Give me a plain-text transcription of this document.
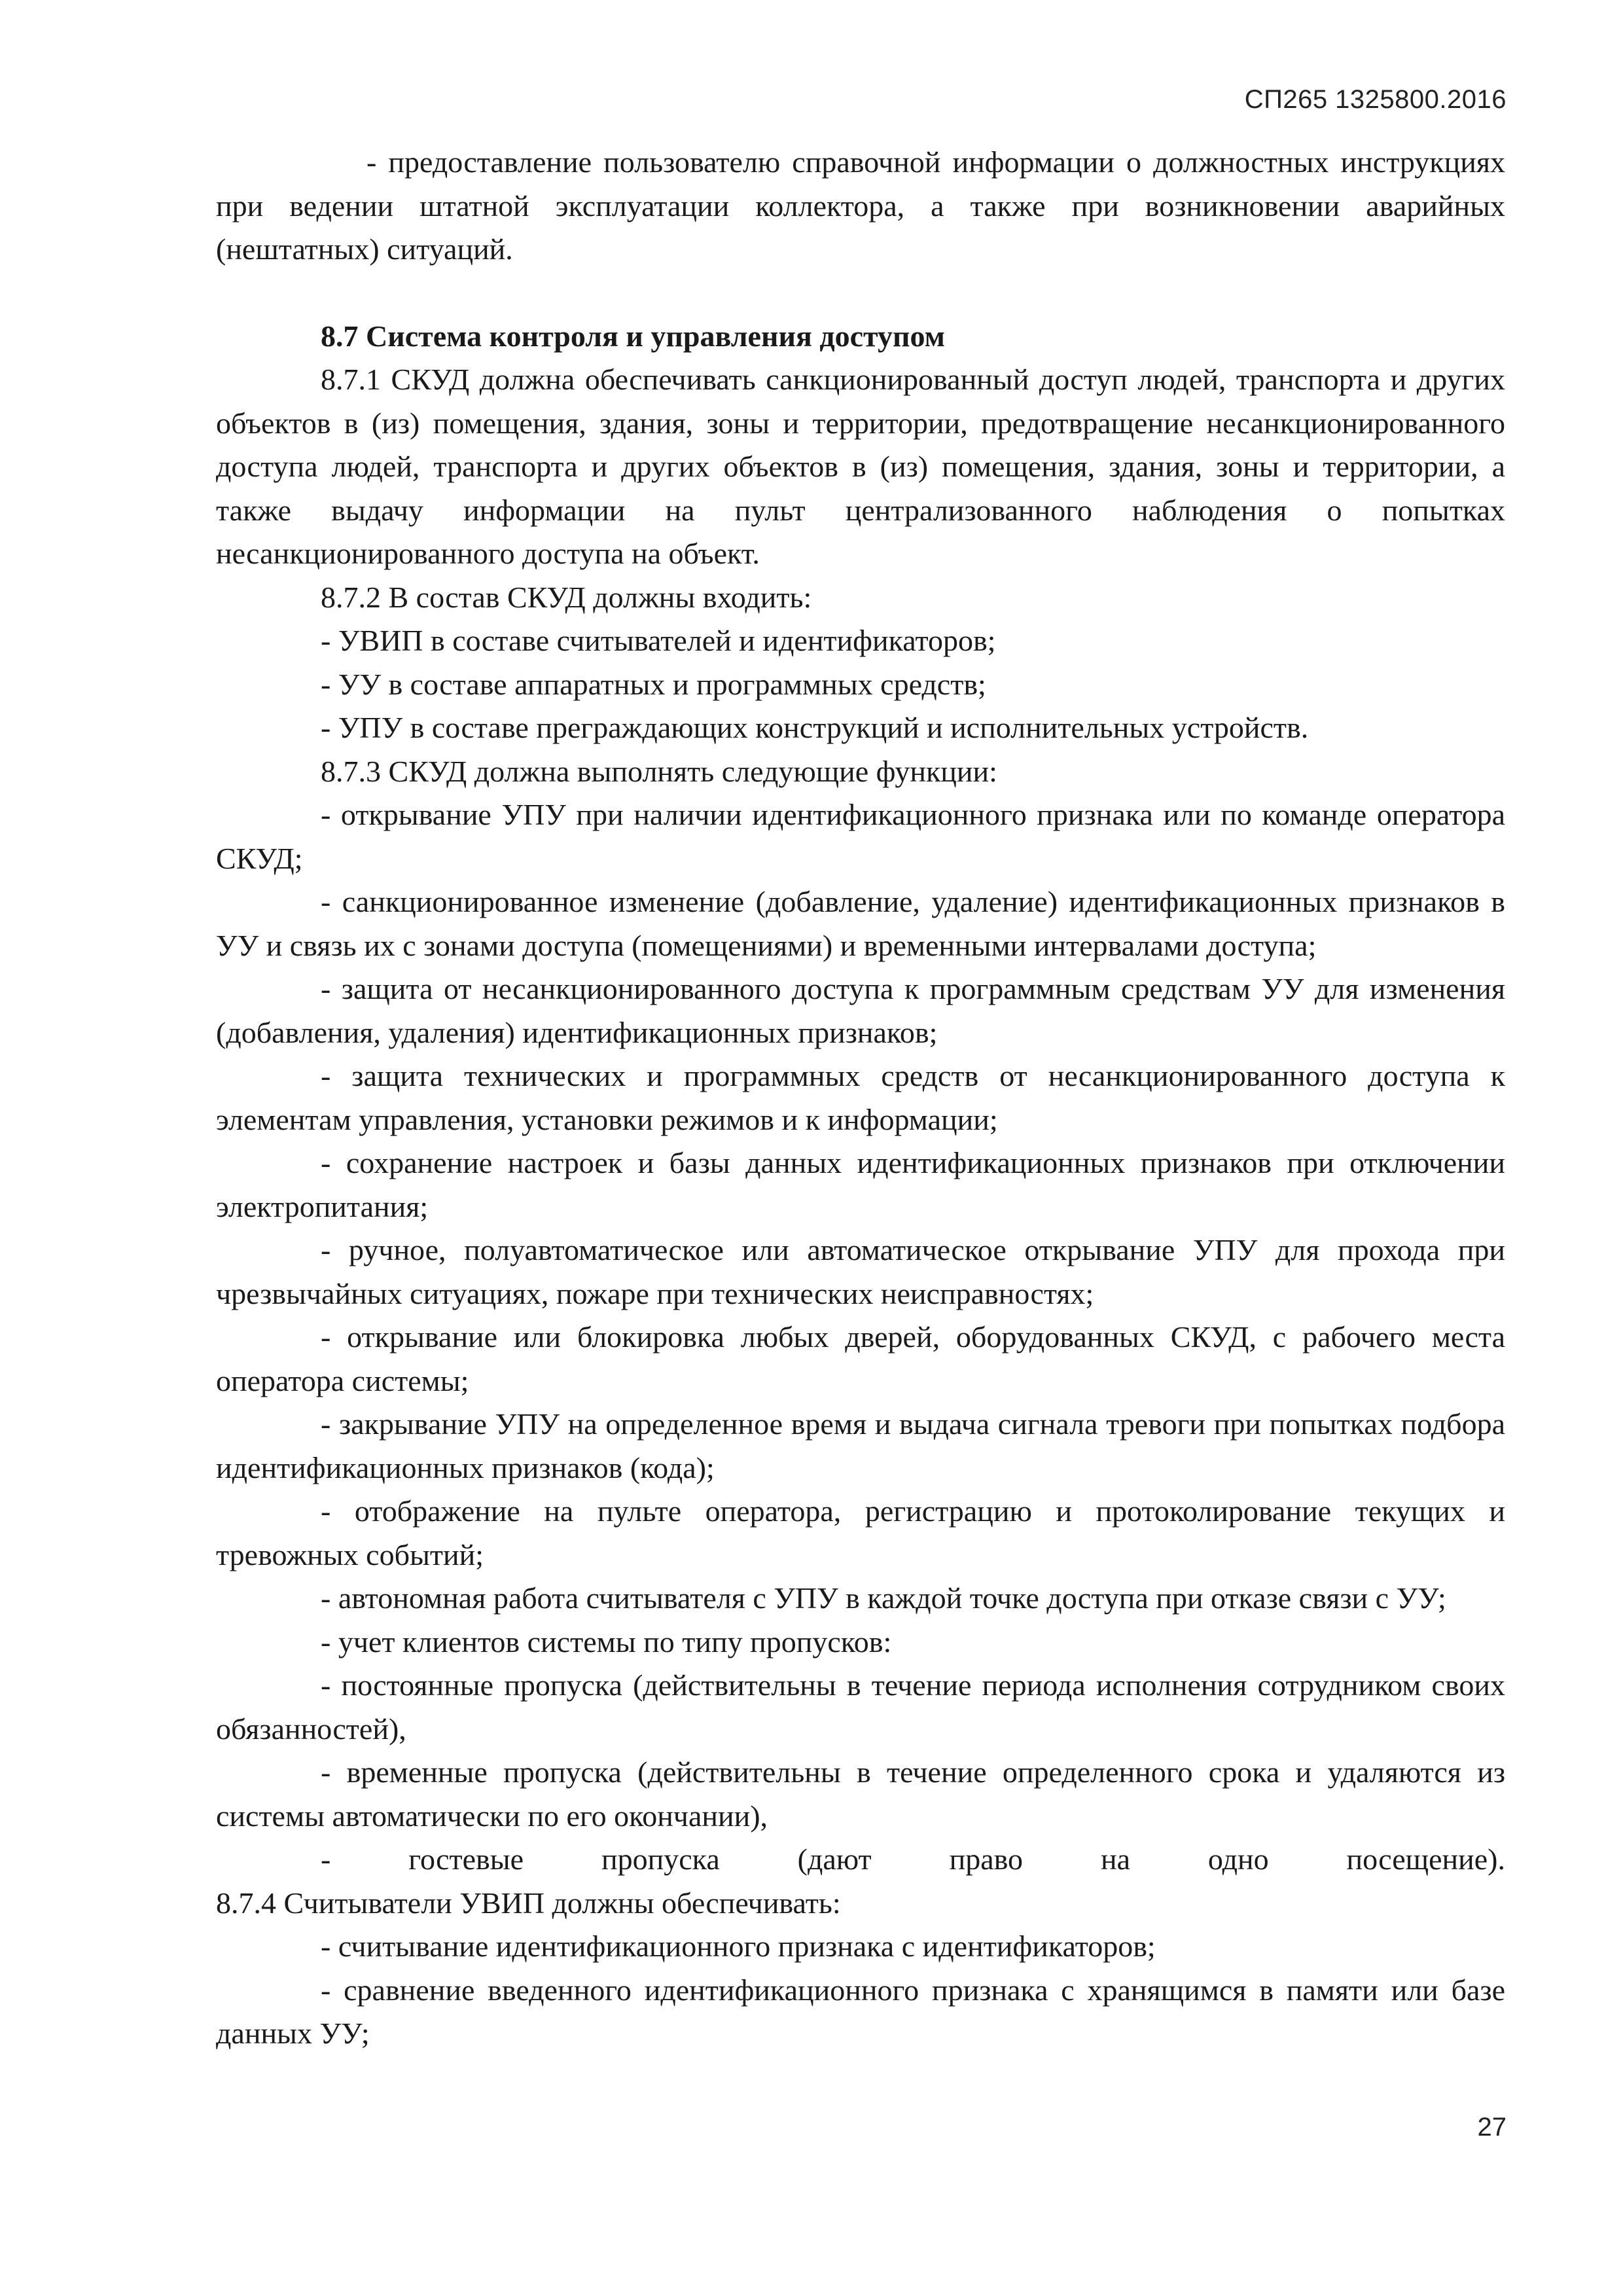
СП265 1325800.2016

- предоставление пользователю справочной информации о должностных инструкциях при ведении штатной эксплуатации коллектора, а также при возникновении аварийных (нештатных) ситуаций.

8.7 Система контроля и управления доступом

8.7.1 СКУД должна обеспечивать санкционированный доступ людей, транспорта и других объектов в (из) помещения, здания, зоны и территории, предотвращение несанкционированного доступа людей, транспорта и других объектов в (из) помещения, здания, зоны и территории, а также выдачу информации на пульт централизованного наблюдения о попытках несанкционированного доступа на объект.

8.7.2 В состав СКУД должны входить:

- УВИП в составе считывателей и идентификаторов;

- УУ в составе аппаратных и программных средств;

- УПУ в составе преграждающих конструкций и исполнительных устройств.

8.7.3 СКУД должна выполнять следующие функции:

- открывание УПУ при наличии идентификационного признака или по команде оператора СКУД;

- санкционированное изменение (добавление, удаление) идентификационных признаков в УУ и связь их с зонами доступа (помещениями) и временными интервалами доступа;

- защита от несанкционированного доступа к программным средствам УУ для изменения (добавления, удаления) идентификационных признаков;

- защита технических и программных средств от несанкционированного доступа к элементам управления, установки режимов и к информации;

- сохранение настроек и базы данных идентификационных признаков при отключении электропитания;

- ручное, полуавтоматическое или автоматическое открывание УПУ для прохода при чрезвычайных ситуациях, пожаре при технических неисправностях;

- открывание или блокировка любых дверей, оборудованных СКУД, с рабочего места оператора системы;

- закрывание УПУ на определенное время и выдача сигнала тревоги при попытках подбора идентификационных признаков (кода);

- отображение на пульте оператора, регистрацию и протоколирование текущих и тревожных событий;

- автономная работа считывателя с УПУ в каждой точке доступа при отказе связи с УУ;

- учет клиентов системы по типу пропусков:

- постоянные пропуска (действительны в течение периода исполнения сотрудником своих обязанностей),

- временные пропуска (действительны в течение определенного срока и удаляются из системы автоматически по его окончании),

- гостевые пропуска (дают право на одно посещение).

8.7.4 Считыватели УВИП должны обеспечивать:

- считывание идентификационного признака с идентификаторов;

- сравнение введенного идентификационного признака с хранящимся в памяти или базе данных УУ;

27
